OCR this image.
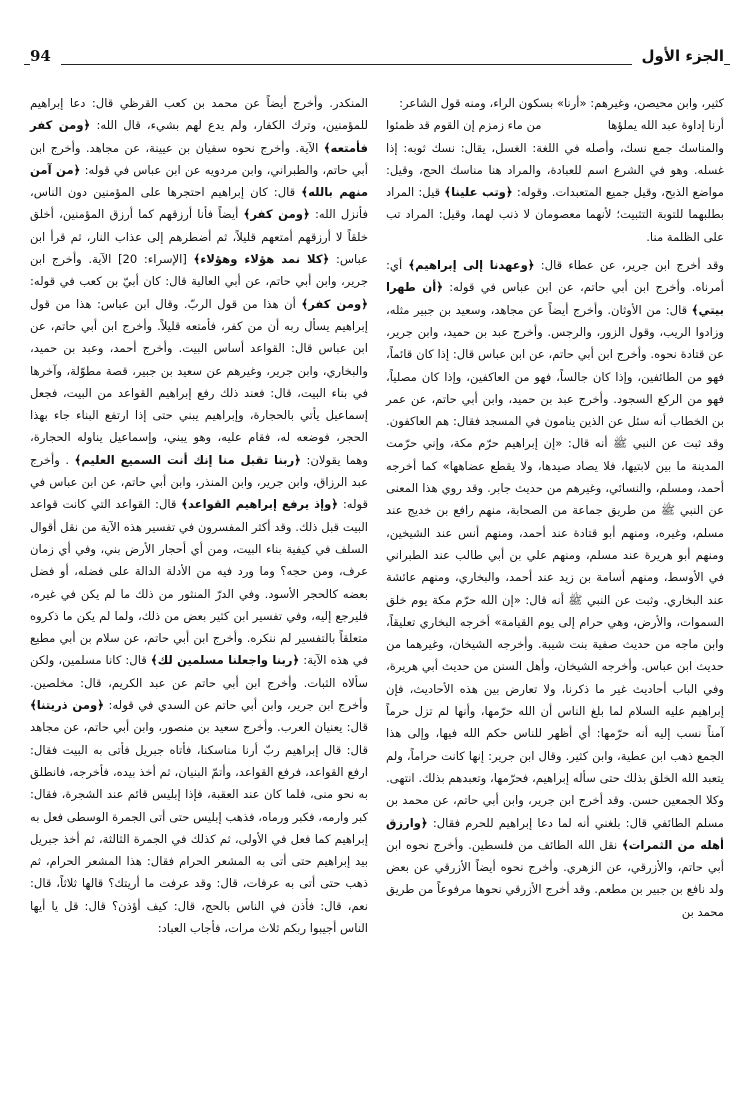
الجزء الأول
94

كثير، وابن محيصن، وغيرهم: «أرنا» بسكون الراء، ومنه قول الشاعر:

أرنا إداوة عبد الله يملؤها
من ماء زمزم إن القوم قد ظمئوا

والمناسك جمع نسك، وأصله في اللغة: الغسل، يقال: نسك ثوبه: إذا غسله. وهو في الشرع اسم للعبادة، والمراد هنا مناسك الحج، وقيل: مواضع الذبح، وقيل جميع المتعبدات. وقوله: ﴿وتب علينا﴾ قيل: المراد بطلبهما للتوبة التثبيت؛ لأنهما معصومان لا ذنب لهما، وقيل: المراد تب على الظلمة منا.

وقد أخرج ابن جرير، عن عطاء قال: ﴿وعهدنا إلى إبراهيم﴾ أي: أمرناه. وأخرج ابن أبي حاتم، عن ابن عباس في قوله: ﴿أن طهرا بيتي﴾ قال: من الأوثان. وأخرج أيضاً عن مجاهد، وسعيد بن جبير مثله، وزادوا الريب، وقول الزور، والرجس. وأخرج عبد بن حميد، وابن جرير، عن قتادة نحوه. وأخرج ابن أبي حاتم، عن ابن عباس قال: إذا كان قائماً، فهو من الطائفين، وإذا كان جالساً، فهو من العاكفين، وإذا كان مصلياً، فهو من الركع السجود. وأخرج عبد بن حميد، وابن أبي حاتم، عن عمر بن الخطاب أنه سئل عن الذين ينامون في المسجد فقال: هم العاكفون. وقد ثبت عن النبي ﷺ أنه قال: «إن إبراهيم حرّم مكة، وإني حرّمت المدينة ما بين لابتيها، فلا يصاد صيدها، ولا يقطع عضاهها» كما أخرجه أحمد، ومسلم، والنسائي، وغيرهم من حديث جابر. وقد روي هذا المعنى عن النبي ﷺ من طريق جماعة من الصحابة، منهم رافع بن خديج عند مسلم، وغيره، ومنهم أبو قتادة عند أحمد، ومنهم أنس عند الشيخين، ومنهم أبو هريرة عند مسلم، ومنهم علي بن أبي طالب عند الطبراني في الأوسط، ومنهم أسامة بن زيد عند أحمد، والبخاري، ومنهم عائشة عند البخاري. وثبت عن النبي ﷺ أنه قال: «إن الله حرّم مكة يوم خلق السموات، والأرض، وهي حرام إلى يوم القيامة» أخرجه البخاري تعليقاً، وابن ماجه من حديث صفية بنت شيبة. وأخرجه الشيخان، وغيرهما من حديث ابن عباس. وأخرجه الشيخان، وأهل السنن من حديث أبي هريرة، وفي الباب أحاديث غير ما ذكرنا، ولا تعارض بين هذه الأحاديث، فإن إبراهيم عليه السلام لما بلغ الناس أن الله حرّمها، وأنها لم تزل حرماً آمناً نسب إليه أنه حرّمها: أي أظهر للناس حكم الله فيها، وإلى هذا الجمع ذهب ابن عطية، وابن كثير. وقال ابن جرير: إنها كانت حراماً، ولم يتعبد الله الخلق بذلك حتى سأله إبراهيم، فحرّمها، وتعبدهم بذلك. انتهى. وكلا الجمعين حسن. وقد أخرج ابن جرير، وابن أبي حاتم، عن محمد بن مسلم الطائفي قال: بلغني أنه لما دعا إبراهيم للحرم فقال: ﴿وارزق أهله من الثمرات﴾ نقل الله الطائف من فلسطين. وأخرج نحوه ابن أبي حاتم، والأزرقي، عن الزهري. وأخرج نحوه أيضاً الأزرقي عن بعض ولد نافع بن جبير بن مطعم. وقد أخرج الأزرقي نحوها مرفوعاً من طريق محمد بن

المنكدر. وأخرج أيضاً عن محمد بن كعب القرظي قال: دعا إبراهيم للمؤمنين، وترك الكفار، ولم يدع لهم بشيء، قال الله: ﴿ومن كفر فأمتعه﴾ الآية. وأخرج نحوه سفيان بن عيينة، عن مجاهد. وأخرج ابن أبي حاتم، والطبراني، وابن مردويه عن ابن عباس في قوله: ﴿من آمن منهم بالله﴾ قال: كان إبراهيم احتجرها على المؤمنين دون الناس، فأنزل الله: ﴿ومن كفر﴾ أيضاً فأنا أرزقهم كما أرزق المؤمنين، أخلق خلقاً لا أرزقهم أمتعهم قليلاً، ثم أضطرهم إلى عذاب النار، ثم قرأ ابن عباس: ﴿كلا نمد هؤلاء وهؤلاء﴾ [الإسراء: 20] الآية. وأخرج ابن جرير، وابن أبي حاتم، عن أبي العالية قال: كان أبيّ بن كعب في قوله: ﴿ومن كفر﴾ أن هذا من قول الربّ. وقال ابن عباس: هذا من قول إبراهيم يسأل ربه أن من كفر، فأمتعه قليلاً. وأخرج ابن أبي حاتم، عن ابن عباس قال: القواعد أساس البيت. وأخرج أحمد، وعبد بن حميد، والبخاري، وابن جرير، وغيرهم عن سعيد بن جبير، قصة مطوّلة، وآخرها في بناء البيت، قال: فعند ذلك رفع إبراهيم القواعد من البيت، فجعل إسماعيل يأتي بالحجارة، وإبراهيم يبني حتى إذا ارتفع البناء جاء بهذا الحجر، فوضعه له، فقام عليه، وهو يبني، وإسماعيل يناوله الحجارة، وهما يقولان: ﴿ربنا تقبل منا إنك أنت السميع العليم﴾ . وأخرج عبد الرزاق، وابن جرير، وابن المنذر، وابن أبي حاتم، عن ابن عباس في قوله: ﴿وإذ يرفع إبراهيم القواعد﴾ قال: القواعد التي كانت قواعد البيت قبل ذلك. وقد أكثر المفسرون في تفسير هذه الآية من نقل أقوال السلف في كيفية بناء البيت، ومن أي أحجار الأرض بني، وفي أي زمان عرف، ومن حجه؟ وما ورد فيه من الأدلة الدالة على فضله، أو فضل بعضه كالحجر الأسود. وفي الدرّ المنثور من ذلك ما لم يكن في غيره، فليرجع إليه، وفي تفسير ابن كثير بعض من ذلك، ولما لم يكن ما ذكروه متعلقاً بالتفسير لم ننكره. وأخرج ابن أبي حاتم، عن سلام بن أبي مطيع في هذه الآية: ﴿ربنا واجعلنا مسلمين لك﴾ قال: كانا مسلمين، ولكن سألاه الثبات. وأخرج ابن أبي حاتم عن عبد الكريم، قال: مخلصين. وأخرج ابن جرير، وابن أبي حاتم عن السدي في قوله: ﴿ومن ذريتنا﴾ قال: يعنيان العرب. وأخرج سعيد بن منصور، وابن أبي حاتم، عن مجاهد قال: قال إبراهيم ربّ أرنا مناسكنا، فأتاه جبريل فأتى به البيت فقال: ارفع القواعد، فرفع القواعد، وأتمّ البنيان، ثم أخذ بيده، فأخرجه، فانطلق به نحو منى، فلما كان عند العقبة، فإذا إبليس قائم عند الشجرة، فقال: كبر وارمه، فكبر ورماه، فذهب إبليس حتى أتى الجمرة الوسطى فعل به إبراهيم كما فعل في الأولى، ثم كذلك في الجمرة الثالثة، ثم أخذ جبريل بيد إبراهيم حتى أتى به المشعر الحرام فقال: هذا المشعر الحرام، ثم ذهب حتى أتى به عرفات، قال: وقد عرفت ما أريتك؟ قالها ثلاثاً، قال: نعم، قال: فأذن في الناس بالحج، قال: كيف أؤذن؟ قال: قل يا أيها الناس أجيبوا ربكم ثلاث مرات، فأجاب العباد:
